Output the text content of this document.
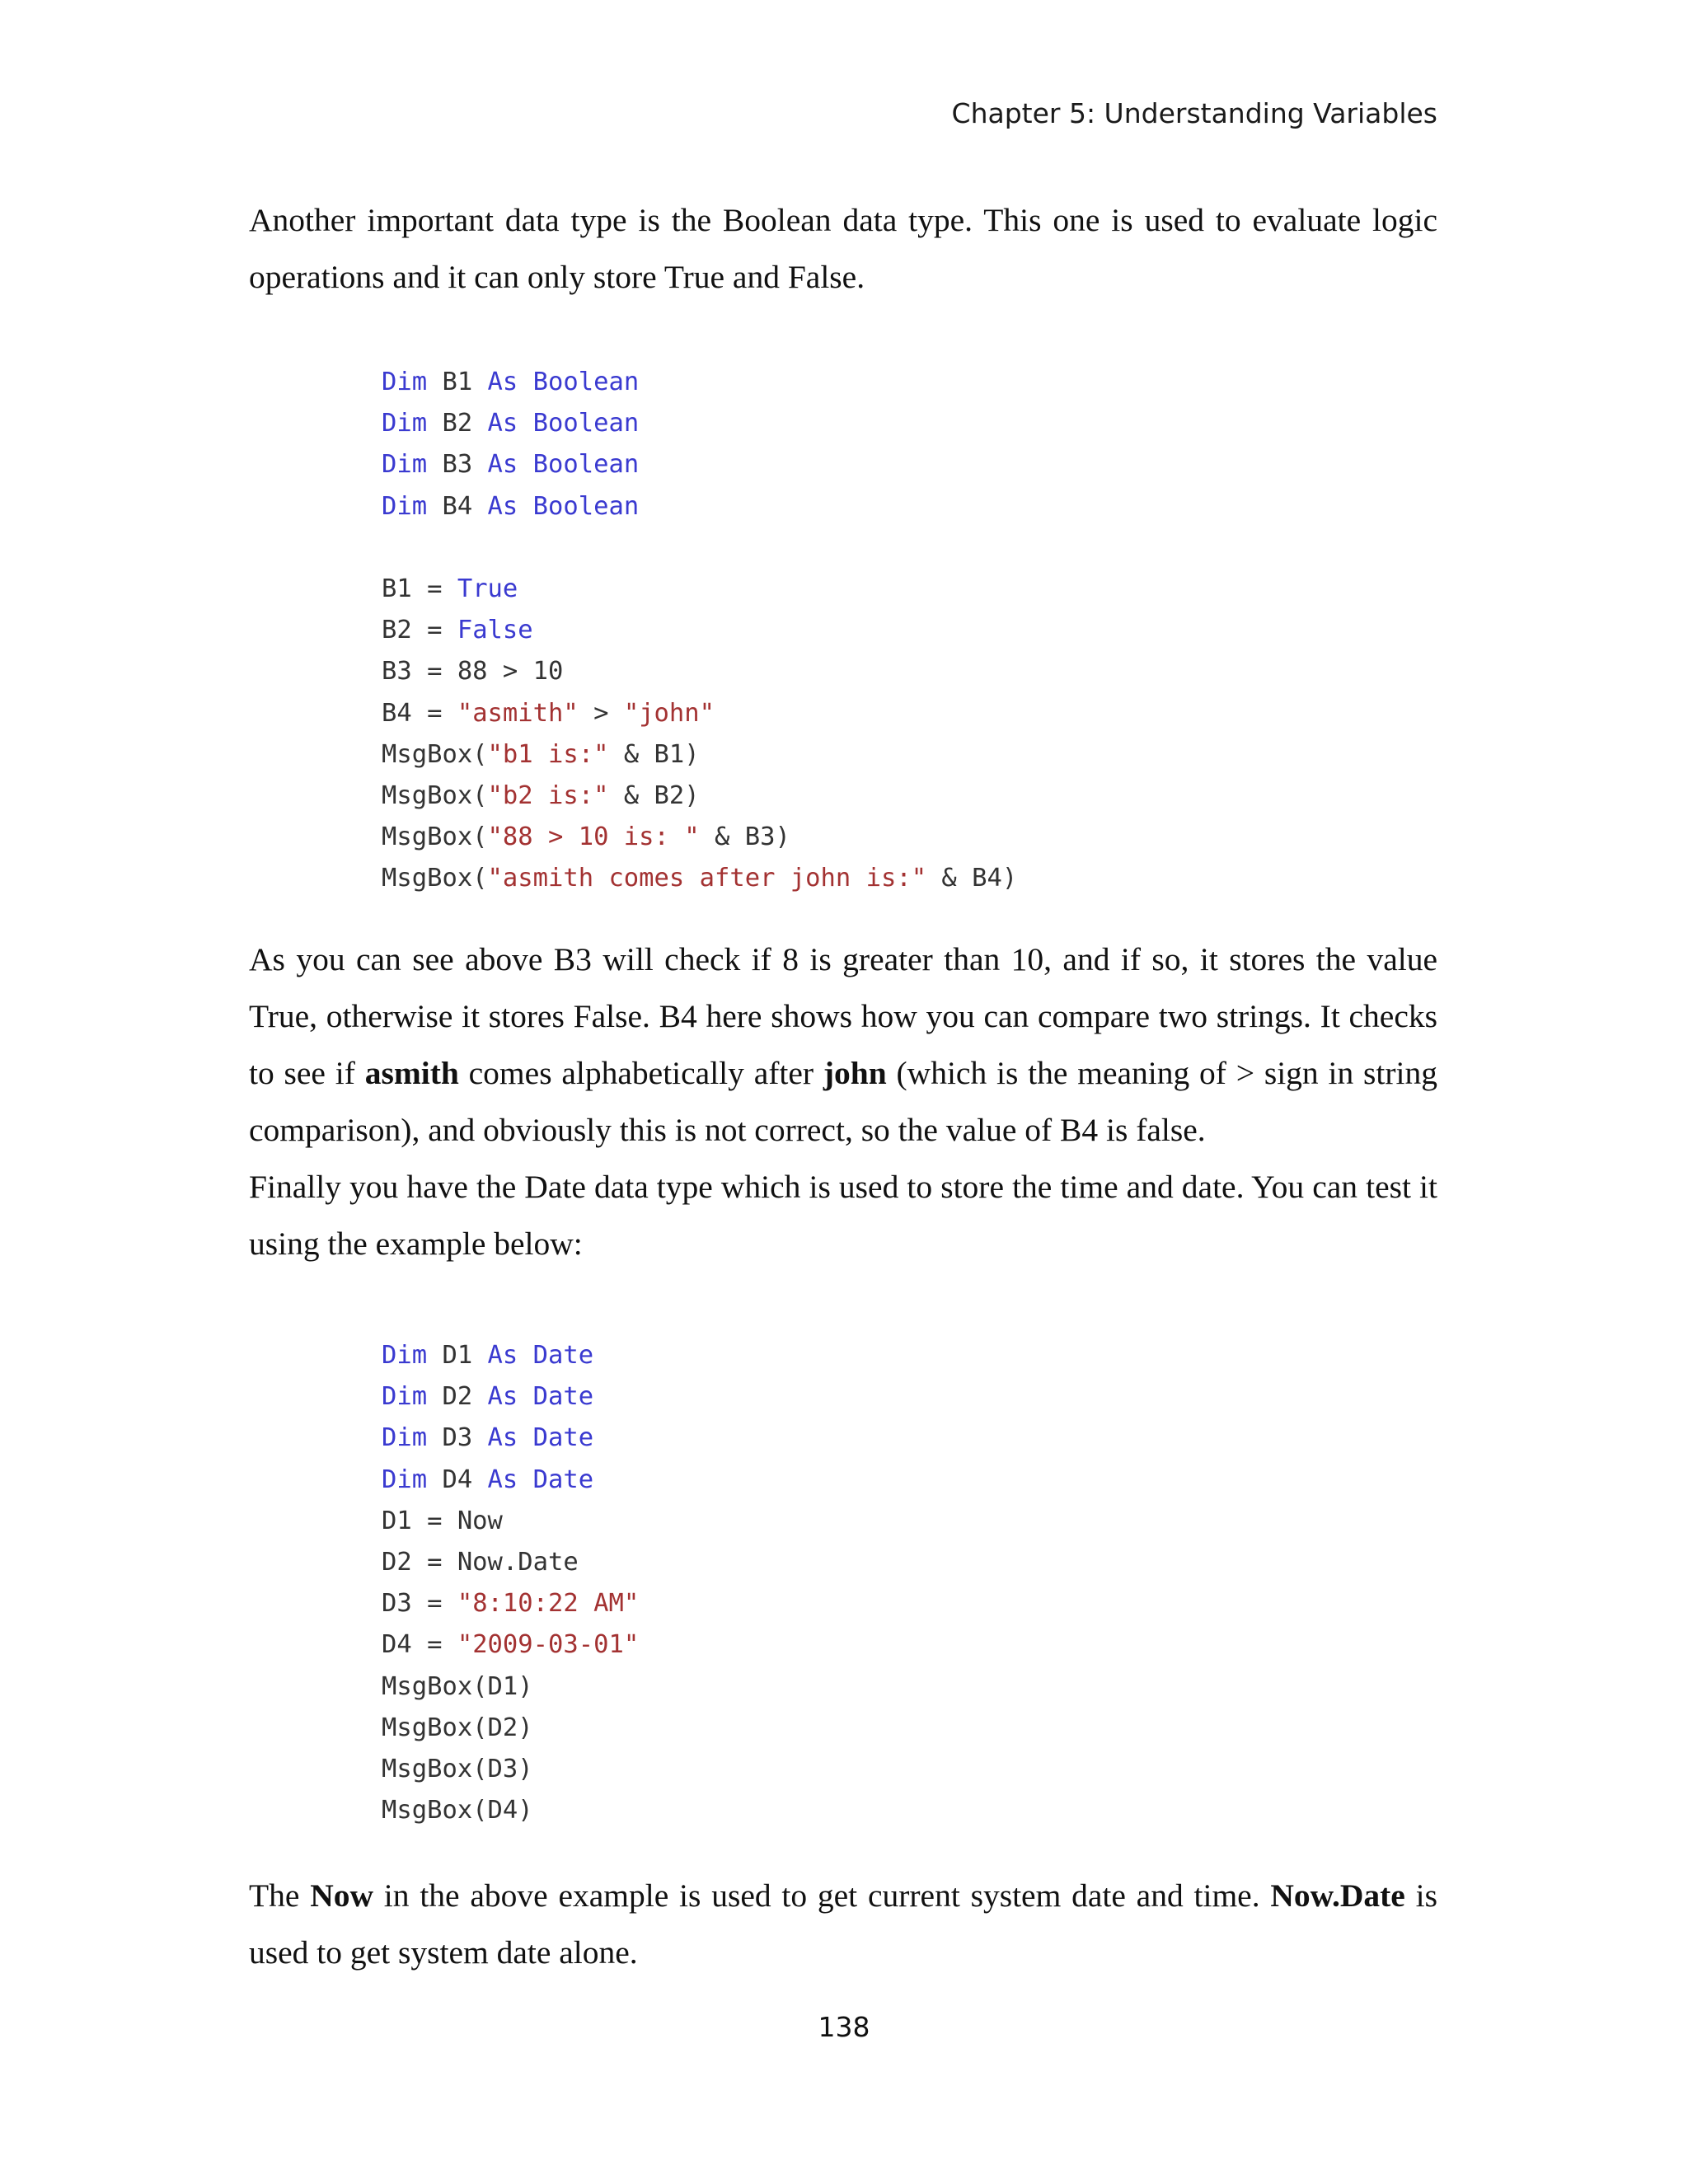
Chapter 5: Understanding Variables

Another important data type is the Boolean data type. This one is used to evaluate logic operations and it can only store True and False.

Dim B1 As Boolean
Dim B2 As Boolean
Dim B3 As Boolean
Dim B4 As Boolean
B1 = True
B2 = False
B3 = 88 > 10
B4 = "asmith" > "john"
MsgBox("b1 is:" & B1)
MsgBox("b2 is:" & B2)
MsgBox("88 > 10 is: " & B3)
MsgBox("asmith comes after john is:" & B4)

As you can see above B3 will check if 8 is greater than 10, and if so, it stores the value True, otherwise it stores False. B4 here shows how you can compare two strings. It checks to see if asmith comes alphabetically after john (which is the meaning of > sign in string comparison), and obviously this is not correct, so the value of B4 is false.
Finally you have the Date data type which is used to store the time and date. You can test it using the example below:

Dim D1 As Date
Dim D2 As Date
Dim D3 As Date
Dim D4 As Date
D1 = Now
D2 = Now.Date
D3 = "8:10:22 AM"
D4 = "2009-03-01"
MsgBox(D1)
MsgBox(D2)
MsgBox(D3)
MsgBox(D4)

The Now in the above example is used to get current system date and time. Now.Date is used to get system date alone.

138
